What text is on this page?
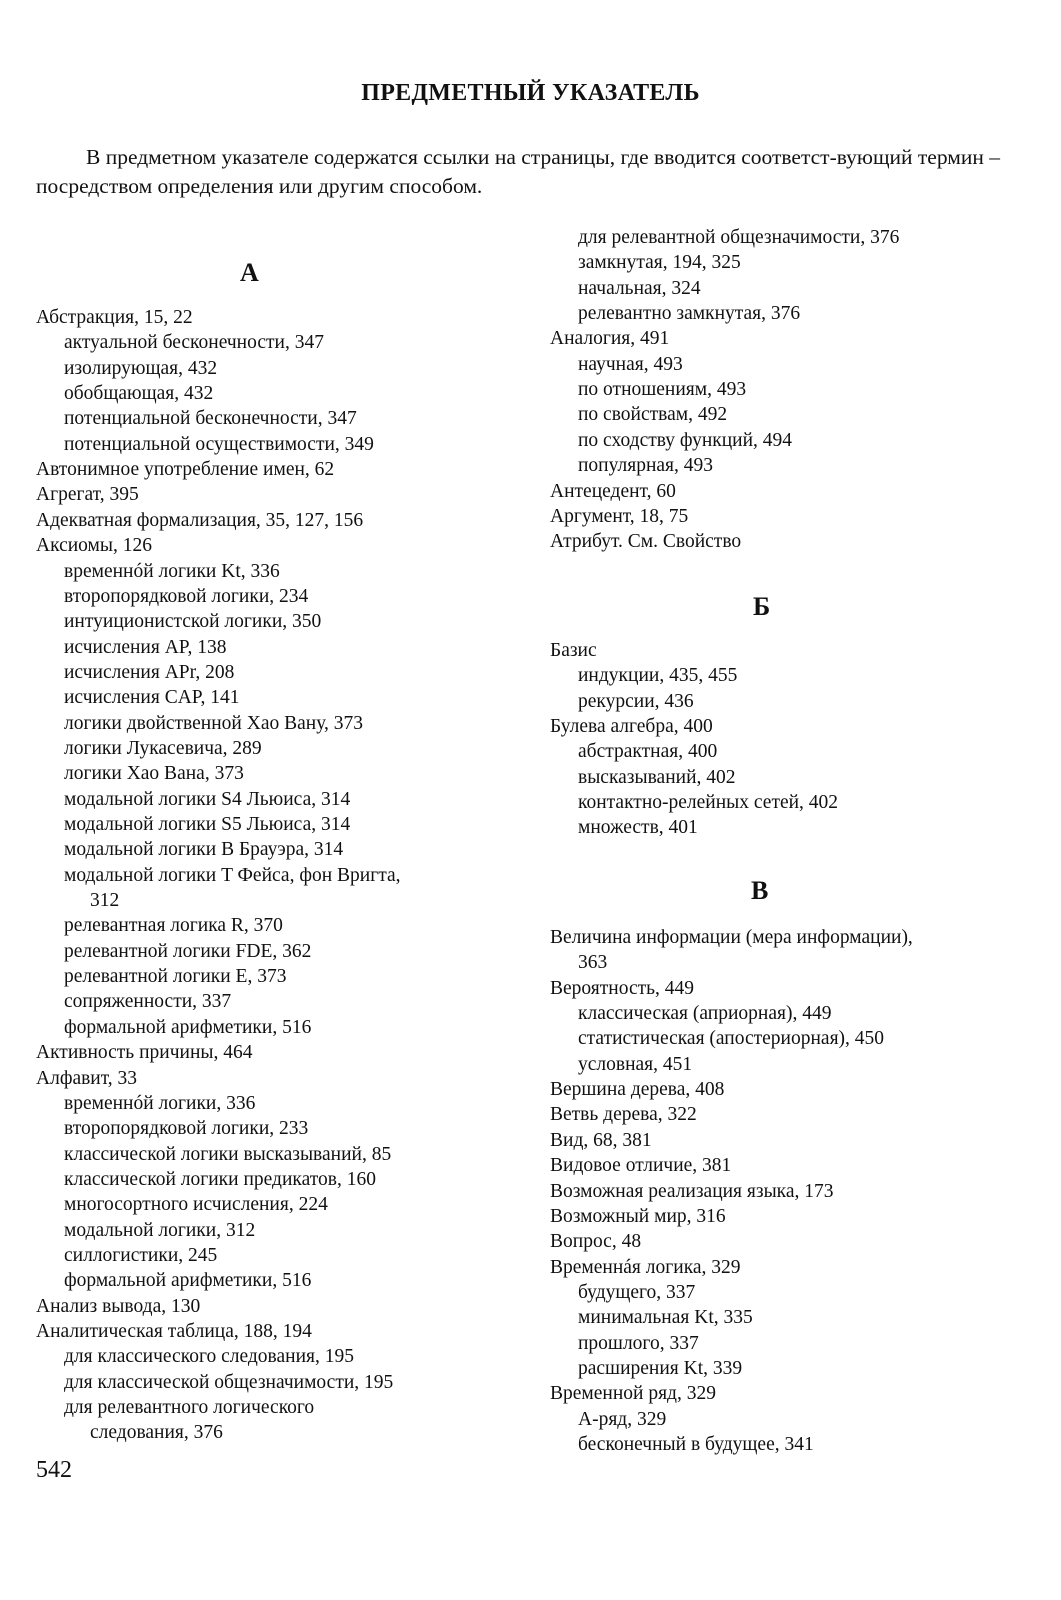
ПРЕДМЕТНЫЙ УКАЗАТЕЛЬ

В предметном указателе содержатся ссылки на страницы, где вводится соответст-вующий термин – посредством определения или другим способом.

А
Абстракция, 15, 22
актуальной бесконечности, 347
изолирующая, 432
обобщающая, 432
потенциальной бесконечности, 347
потенциальной осуществимости, 349
Автонимное употребление имен, 62
Агрегат, 395
Адекватная формализация, 35, 127, 156
Аксиомы, 126
временнóй логики Kt, 336
второпорядковой логики, 234
интуиционистской логики, 350
исчисления AP, 138
исчисления APr, 208
исчисления CAP, 141
логики двойственной Хао Вану, 373
логики Лукасевича, 289
логики Хао Вана, 373
модальной логики S4 Льюиса, 314
модальной логики S5 Льюиса, 314
модальной логики B Брауэра, 314
модальной логики T Фейса, фон Вригта,
312
релевантная логика R, 370
релевантной логики FDE, 362
релевантной логики E, 373
сопряженности, 337
формальной арифметики, 516
Активность причины, 464
Алфавит, 33
временнóй логики, 336
второпорядковой логики, 233
классической логики высказываний, 85
классической логики предикатов, 160
многосортного исчисления, 224
модальной логики, 312
силлогистики, 245
формальной арифметики, 516
Анализ вывода, 130
Аналитическая таблица, 188, 194
для классического следования, 195
для классической общезначимости, 195
для релевантного логического
следования, 376
для релевантной общезначимости, 376
замкнутая, 194, 325
начальная, 324
релевантно замкнутая, 376
Аналогия, 491
научная, 493
по отношениям, 493
по свойствам, 492
по сходству функций, 494
популярная, 493
Антецедент, 60
Аргумент, 18, 75
Атрибут. См. Свойство
Б
Базис
индукции, 435, 455
рекурсии, 436
Булева алгебра, 400
абстрактная, 400
высказываний, 402
контактно-релейных сетей, 402
множеств, 401
В
Величина информации (мера информации),
363
Вероятность, 449
классическая (априорная), 449
статистическая (апостериорная), 450
условная, 451
Вершина дерева, 408
Ветвь дерева, 322
Вид, 68, 381
Видовое отличие, 381
Возможная реализация языка, 173
Возможный мир, 316
Вопрос, 48
Временнáя логика, 329
будущего, 337
минимальная Kt, 335
прошлого, 337
расширения Kt, 339
Временной ряд, 329
A-ряд, 329
бесконечный в будущее, 341
542
